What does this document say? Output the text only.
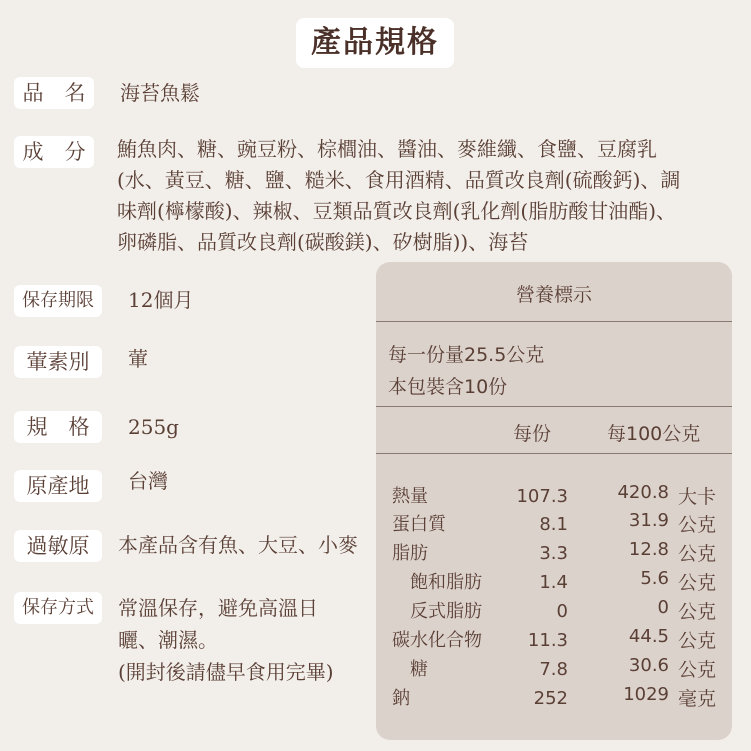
產品規格
品　名	海苔魚鬆
成　分	鮪魚肉、糖、豌豆粉、棕櫚油、醬油、麥維纖、食鹽、豆腐乳
(水、黃豆、糖、鹽、糙米、食用酒精、品質改良劑(硫酸鈣)、調
味劑(檸檬酸)、辣椒、豆類品質改良劑(乳化劑(脂肪酸甘油酯)、
卵磷脂、品質改良劑(碳酸鎂)、矽樹脂))、海苔
保存期限	12個月
葷素別	葷
規　格	255g
原產地	台灣
過敏原	本產品含有魚、大豆、小麥
保存方式	常溫保存，避免高溫日
曬、潮濕。
(開封後請儘早食用完畢)
營養標示
每一份量25.5公克
本包裝含10份
每份	每100公克
熱量	107.3	420.8 大卡
蛋白質	8.1	31.9 公克
脂肪	3.3	12.8 公克
　飽和脂肪	1.4	5.6 公克
　反式脂肪	0	0 公克
碳水化合物	11.3	44.5 公克
　糖	7.8	30.6 公克
鈉	252	1029 毫克
